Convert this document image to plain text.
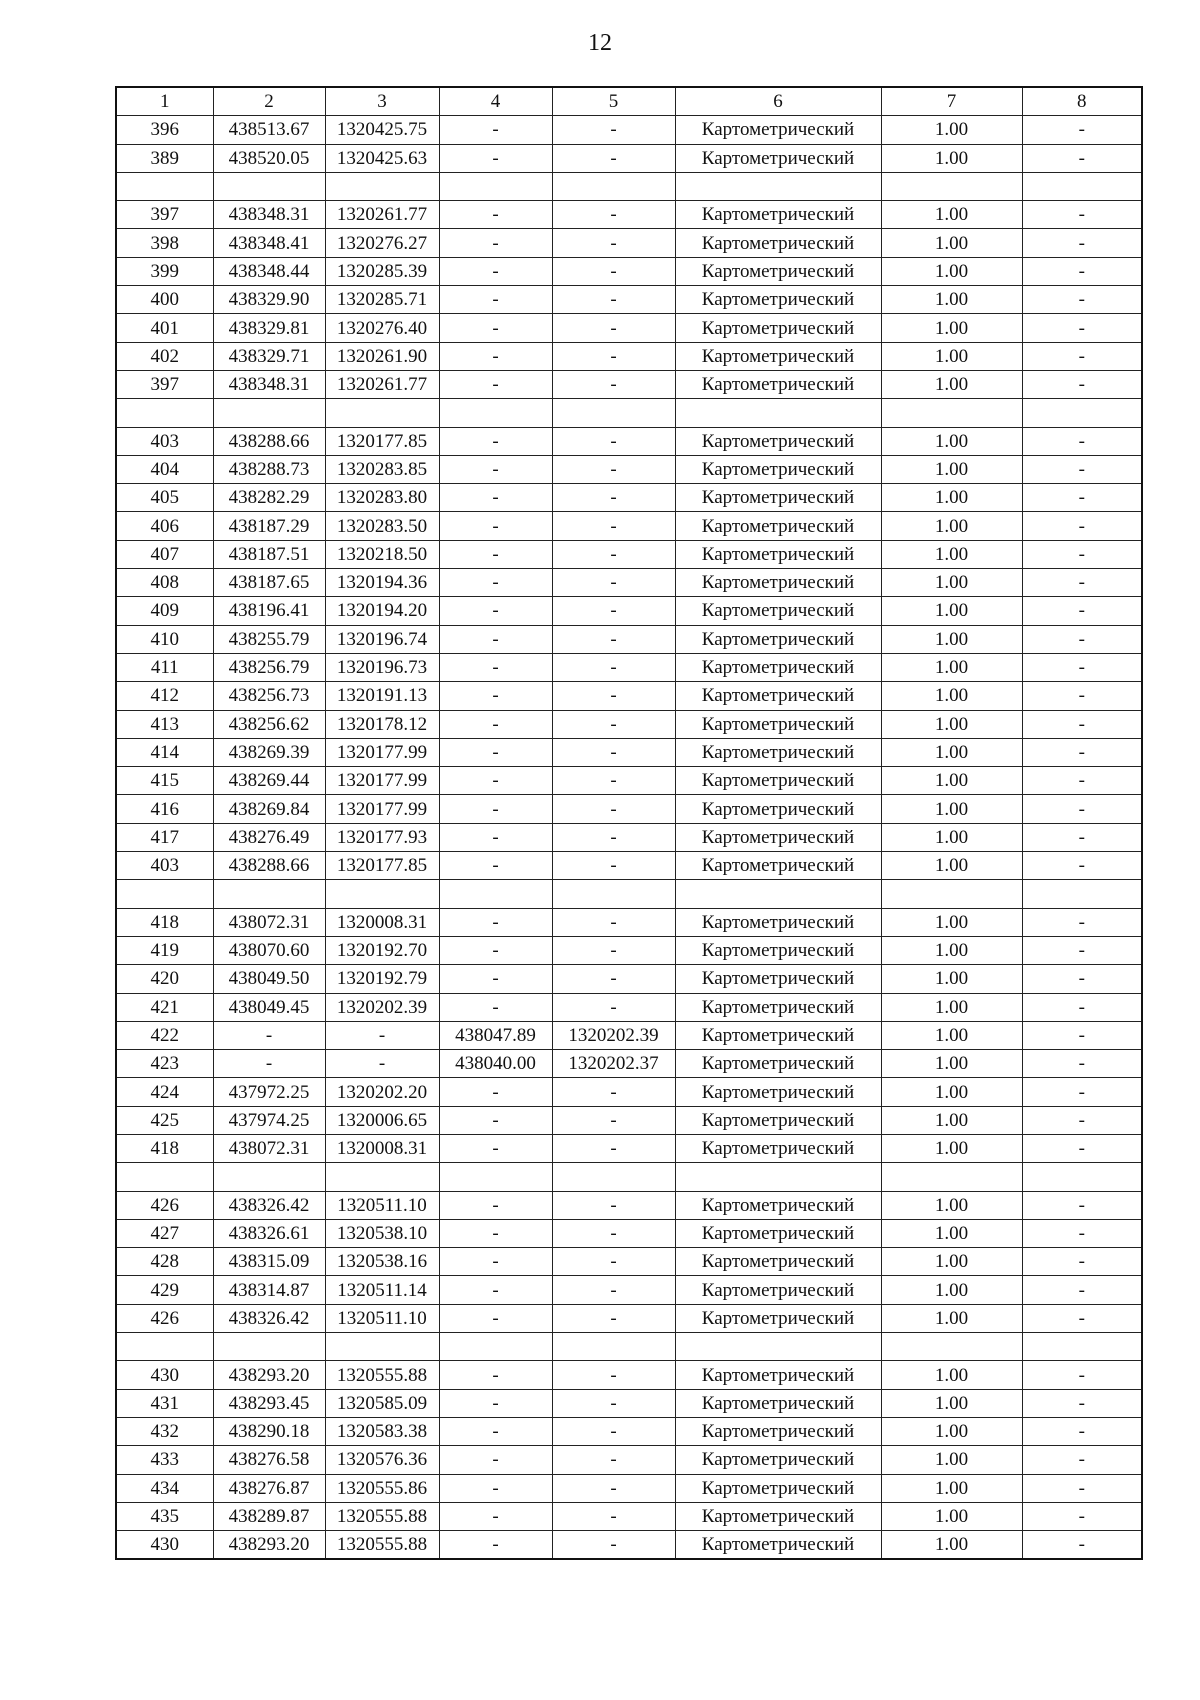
12
1	2	3	4	5	6	7	8
396	438513.67	1320425.75	-	-	Картометрический	1.00	-
389	438520.05	1320425.63	-	-	Картометрический	1.00	-

397	438348.31	1320261.77	-	-	Картометрический	1.00	-
398	438348.41	1320276.27	-	-	Картометрический	1.00	-
399	438348.44	1320285.39	-	-	Картометрический	1.00	-
400	438329.90	1320285.71	-	-	Картометрический	1.00	-
401	438329.81	1320276.40	-	-	Картометрический	1.00	-
402	438329.71	1320261.90	-	-	Картометрический	1.00	-
397	438348.31	1320261.77	-	-	Картометрический	1.00	-

403	438288.66	1320177.85	-	-	Картометрический	1.00	-
404	438288.73	1320283.85	-	-	Картометрический	1.00	-
405	438282.29	1320283.80	-	-	Картометрический	1.00	-
406	438187.29	1320283.50	-	-	Картометрический	1.00	-
407	438187.51	1320218.50	-	-	Картометрический	1.00	-
408	438187.65	1320194.36	-	-	Картометрический	1.00	-
409	438196.41	1320194.20	-	-	Картометрический	1.00	-
410	438255.79	1320196.74	-	-	Картометрический	1.00	-
411	438256.79	1320196.73	-	-	Картометрический	1.00	-
412	438256.73	1320191.13	-	-	Картометрический	1.00	-
413	438256.62	1320178.12	-	-	Картометрический	1.00	-
414	438269.39	1320177.99	-	-	Картометрический	1.00	-
415	438269.44	1320177.99	-	-	Картометрический	1.00	-
416	438269.84	1320177.99	-	-	Картометрический	1.00	-
417	438276.49	1320177.93	-	-	Картометрический	1.00	-
403	438288.66	1320177.85	-	-	Картометрический	1.00	-

418	438072.31	1320008.31	-	-	Картометрический	1.00	-
419	438070.60	1320192.70	-	-	Картометрический	1.00	-
420	438049.50	1320192.79	-	-	Картометрический	1.00	-
421	438049.45	1320202.39	-	-	Картометрический	1.00	-
422	-	-	438047.89	1320202.39	Картометрический	1.00	-
423	-	-	438040.00	1320202.37	Картометрический	1.00	-
424	437972.25	1320202.20	-	-	Картометрический	1.00	-
425	437974.25	1320006.65	-	-	Картометрический	1.00	-
418	438072.31	1320008.31	-	-	Картометрический	1.00	-

426	438326.42	1320511.10	-	-	Картометрический	1.00	-
427	438326.61	1320538.10	-	-	Картометрический	1.00	-
428	438315.09	1320538.16	-	-	Картометрический	1.00	-
429	438314.87	1320511.14	-	-	Картометрический	1.00	-
426	438326.42	1320511.10	-	-	Картометрический	1.00	-

430	438293.20	1320555.88	-	-	Картометрический	1.00	-
431	438293.45	1320585.09	-	-	Картометрический	1.00	-
432	438290.18	1320583.38	-	-	Картометрический	1.00	-
433	438276.58	1320576.36	-	-	Картометрический	1.00	-
434	438276.87	1320555.86	-	-	Картометрический	1.00	-
435	438289.87	1320555.88	-	-	Картометрический	1.00	-
430	438293.20	1320555.88	-	-	Картометрический	1.00	-
